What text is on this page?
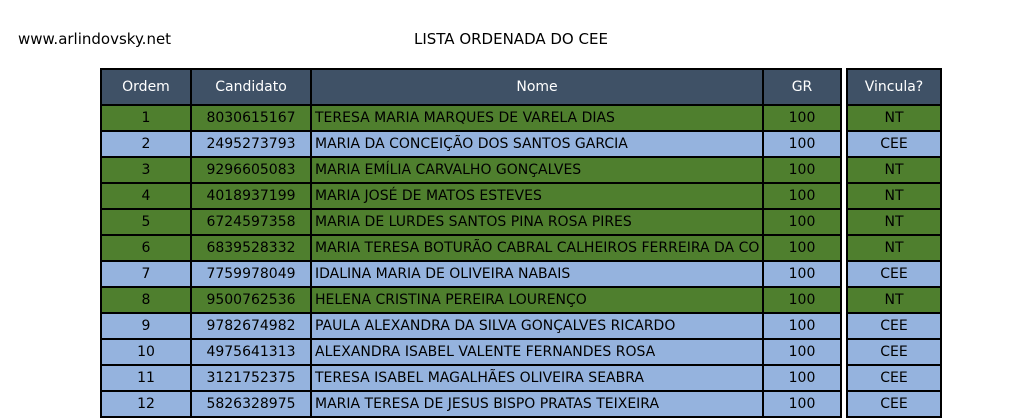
www.arlindovsky.net	LISTA ORDENADA DO CEE
Ordem	Candidato	Nome	GR		Vincula?
1	8030615167	TERESA MARIA MARQUES DE VARELA DIAS	100		NT
2	2495273793	MARIA DA CONCEIÇÃO DOS SANTOS GARCIA	100		CEE
3	9296605083	MARIA EMÍLIA CARVALHO GONÇALVES	100		NT
4	4018937199	MARIA JOSÉ DE MATOS ESTEVES	100		NT
5	6724597358	MARIA DE LURDES SANTOS PINA ROSA PIRES	100		NT
6	6839528332	MARIA TERESA BOTURÃO CABRAL CALHEIROS FERREIRA DA CO	100		NT
7	7759978049	IDALINA MARIA DE OLIVEIRA NABAIS	100		CEE
8	9500762536	HELENA CRISTINA PEREIRA LOURENÇO	100		NT
9	9782674982	PAULA ALEXANDRA DA SILVA GONÇALVES RICARDO	100		CEE
10	4975641313	ALEXANDRA ISABEL VALENTE FERNANDES ROSA	100		CEE
11	3121752375	TERESA ISABEL MAGALHÃES OLIVEIRA SEABRA	100		CEE
12	5826328975	MARIA TERESA DE JESUS BISPO PRATAS TEIXEIRA	100		CEE
